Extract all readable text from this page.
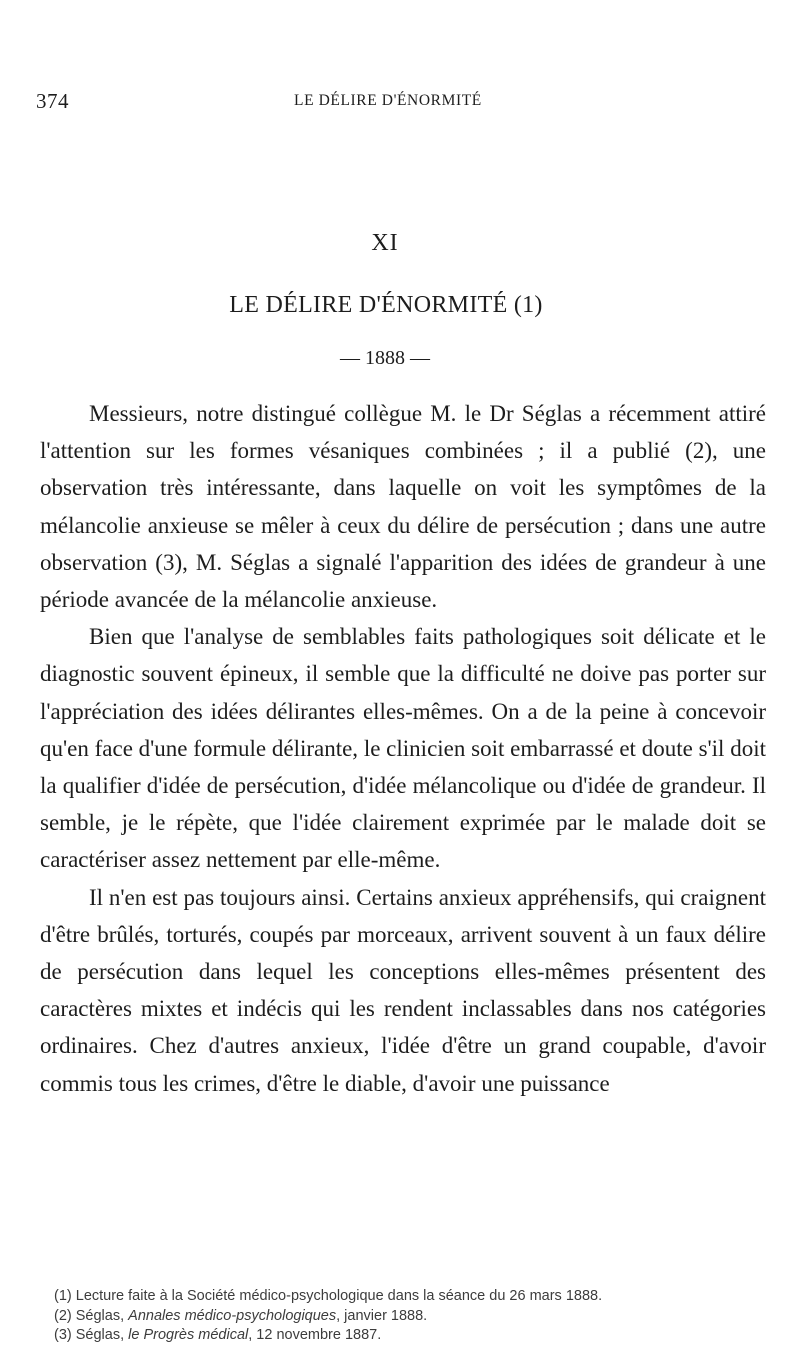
374	LE DÉLIRE D'ÉNORMITÉ
XI
LE DÉLIRE D'ÉNORMITÉ (1)
— 1888 —

Messieurs, notre distingué collègue M. le Dr Séglas a récemment attiré l'attention sur les formes vésaniques combinées ; il a publié (2), une observation très intéressante, dans laquelle on voit les symptômes de la mélancolie anxieuse se mêler à ceux du délire de persécution ; dans une autre observation (3), M. Séglas a signalé l'apparition des idées de grandeur à une période avancée de la mélancolie anxieuse.

Bien que l'analyse de semblables faits pathologiques soit délicate et le diagnostic souvent épineux, il semble que la difficulté ne doive pas porter sur l'appréciation des idées délirantes elles-mêmes. On a de la peine à concevoir qu'en face d'une formule délirante, le clinicien soit embarrassé et doute s'il doit la qualifier d'idée de persécution, d'idée mélancolique ou d'idée de grandeur. Il semble, je le répète, que l'idée clairement exprimée par le malade doit se caractériser assez nettement par elle-même.

Il n'en est pas toujours ainsi. Certains anxieux appréhensifs, qui craignent d'être brûlés, torturés, coupés par morceaux, arrivent souvent à un faux délire de persécution dans lequel les conceptions elles-mêmes présentent des caractères mixtes et indécis qui les rendent inclassables dans nos catégories ordinaires. Chez d'autres anxieux, l'idée d'être un grand coupable, d'avoir commis tous les crimes, d'être le diable, d'avoir une puissance

(1) Lecture faite à la Société médico-psychologique dans la séance du 26 mars 1888.

(2) Séglas, Annales médico-psychologiques, janvier 1888.

(3) Séglas, le Progrès médical, 12 novembre 1887.
